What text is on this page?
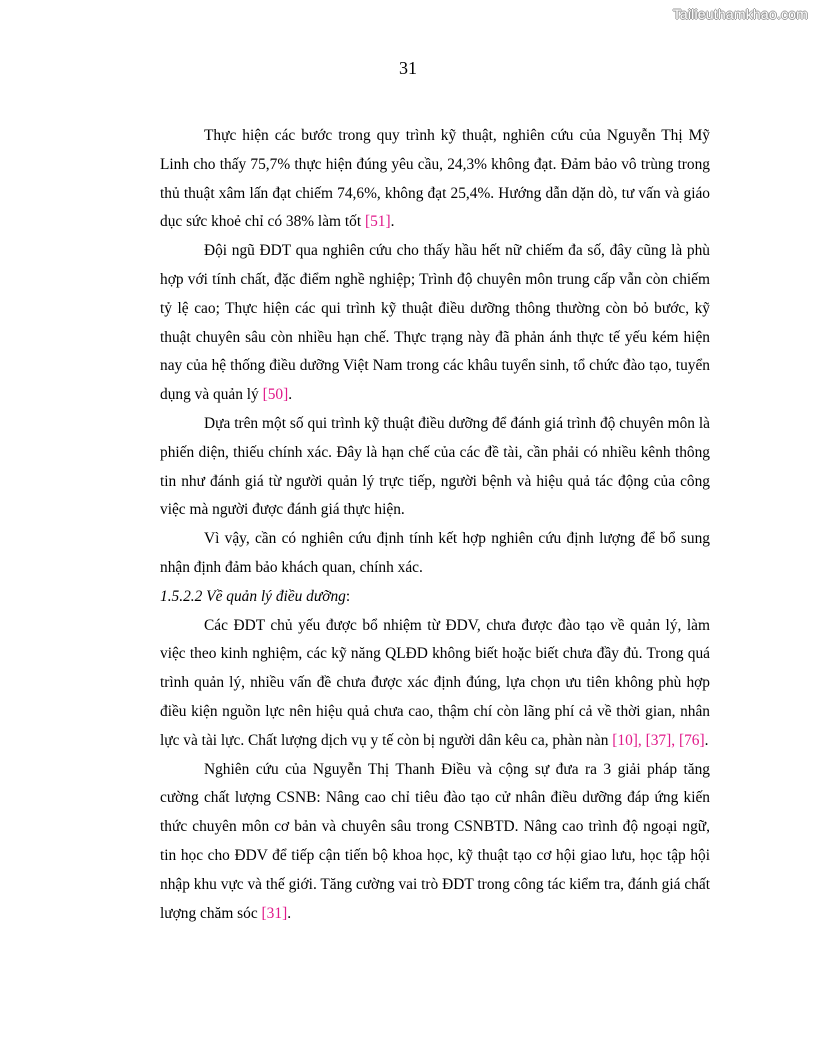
Tailieuthamkhao.com
31

Thực hiện các bước trong quy trình kỹ thuật, nghiên cứu của Nguyễn Thị Mỹ Linh cho thấy 75,7% thực hiện đúng yêu cầu, 24,3% không đạt. Đảm bảo vô trùng trong thủ thuật xâm lấn đạt chiếm 74,6%, không đạt 25,4%. Hướng dẫn dặn dò, tư vấn và giáo dục sức khoẻ chỉ có 38% làm tốt [51].

Đội ngũ ĐDT qua nghiên cứu cho thấy hầu hết nữ chiếm đa số, đây cũng là phù hợp với tính chất, đặc điểm nghề nghiệp; Trình độ chuyên môn trung cấp vẫn còn chiếm tỷ lệ cao; Thực hiện các qui trình kỹ thuật điều dưỡng thông thường còn bỏ bước, kỹ thuật chuyên sâu còn nhiều hạn chế. Thực trạng này đã phản ánh thực tế yếu kém hiện nay của hệ thống điều dưỡng Việt Nam trong các khâu tuyển sinh, tổ chức đào tạo, tuyển dụng và quản lý [50].

Dựa trên một số qui trình kỹ thuật điều dưỡng để đánh giá trình độ chuyên môn là phiến diện, thiếu chính xác. Đây là hạn chế của các đề tài, cần phải có nhiều kênh thông tin như đánh giá từ người quản lý trực tiếp, người bệnh và hiệu quả tác động của công việc mà người được đánh giá thực hiện.

Vì vậy, cần có nghiên cứu định tính kết hợp nghiên cứu định lượng để bổ sung nhận định đảm bảo khách quan, chính xác.

1.5.2.2 Về quản lý điều dưỡng:

Các ĐDT chủ yếu được bổ nhiệm từ ĐDV, chưa được đào tạo về quản lý, làm việc theo kinh nghiệm, các kỹ năng QLĐD không biết hoặc biết chưa đầy đủ. Trong quá trình quản lý, nhiều vấn đề chưa được xác định đúng, lựa chọn ưu tiên không phù hợp điều kiện nguồn lực nên hiệu quả chưa cao, thậm chí còn lãng phí cả về thời gian, nhân lực và tài lực. Chất lượng dịch vụ y tế còn bị người dân kêu ca, phàn nàn [10], [37], [76].

Nghiên cứu của Nguyễn Thị Thanh Điều và cộng sự đưa ra 3 giải pháp tăng cường chất lượng CSNB: Nâng cao chỉ tiêu đào tạo cử nhân điều dưỡng đáp ứng kiến thức chuyên môn cơ bản và chuyên sâu trong CSNBTD. Nâng cao trình độ ngoại ngữ, tin học cho ĐDV để tiếp cận tiến bộ khoa học, kỹ thuật tạo cơ hội giao lưu, học tập hội nhập khu vực và thế giới. Tăng cường vai trò ĐDT trong công tác kiểm tra, đánh giá chất lượng chăm sóc [31].
